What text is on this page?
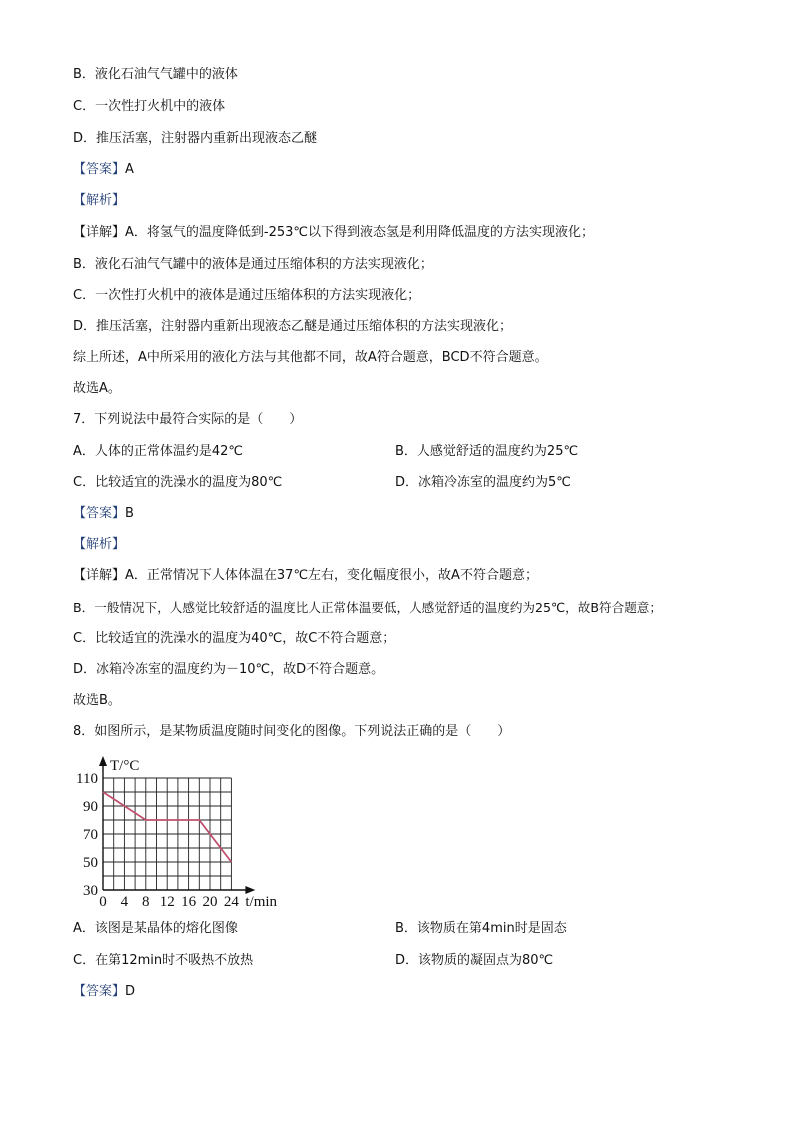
B．液化石油气气罐中的液体
C．一次性打火机中的液体
D．推压活塞，注射器内重新出现液态乙醚
【答案】A
【解析】
【详解】A．将氢气的温度降低到-253℃以下得到液态氢是利用降低温度的方法实现液化；
B．液化石油气气罐中的液体是通过压缩体积的方法实现液化；
C．一次性打火机中的液体是通过压缩体积的方法实现液化；
D．推压活塞，注射器内重新出现液态乙醚是通过压缩体积的方法实现液化；
综上所述，A中所采用的液化方法与其他都不同，故A符合题意，BCD不符合题意。
故选A。
7．下列说法中最符合实际的是（　　）
A．人体的正常体温约是42℃	B．人感觉舒适的温度约为25℃
C．比较适宜的洗澡水的温度为80℃	D．冰箱冷冻室的温度约为5℃
【答案】B
【解析】
【详解】A．正常情况下人体体温在37℃左右，变化幅度很小，故A不符合题意；
B．一般情况下，人感觉比较舒适的温度比人正常体温要低，人感觉舒适的温度约为25℃，故B符合题意；
C．比较适宜的洗澡水的温度为40℃，故C不符合题意；
D．冰箱冷冻室的温度约为－10℃，故D不符合题意。
故选B。
8．如图所示，是某物质温度随时间变化的图像。下列说法正确的是（　　）
30
50
70
90
110
0 4 8 12 16 20 24
T/°C
t/min
A．该图是某晶体的熔化图像	B．该物质在第4min时是固态
C．在第12min时不吸热不放热	D．该物质的凝固点为80℃
【答案】D
